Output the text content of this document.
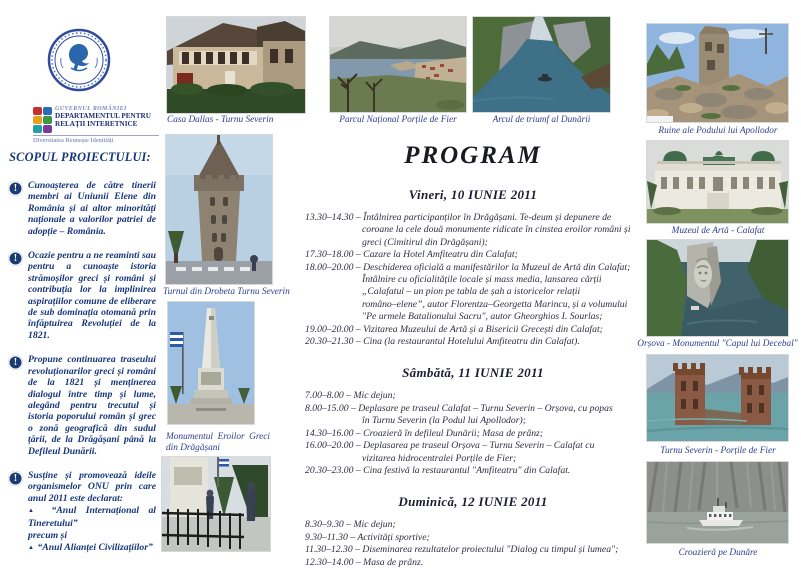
GUVERNUL ROMÂNIEI
DEPARTAMENTUL PENTRU
RELAȚII INTERETNICE
Diversitatea Reunește Identități
SCOPUL PROIECTULUI:
!	Cunoașterea de către tinerii membri ai Uniunii Elene din România și ai altor minorități naționale a valorilor patriei de adopție – România.
!	Ocazie pentru a ne reaminti sau pentru a cunoaște istoria strămoșilor greci și români și contribuția lor la implinirea aspirațiilor comune de eliberare de sub dominația otomană prin înfăptuirea Revoluției de la 1821.
!	Propune continuarea traseului revoluționarilor greci și români de la 1821 și menținerea dialogul între timp și lume, alegând pentru trecutul și istoria poporului român și grec o zonă geografică din sudul țării, de la Drăgășani până la Defileul Dunării.
!	Susține și promovează ideile organismelor ONU prin care anul 2011 este declarat:
▲ “Anul Internațional al Tineretului”
precum și
▲ “Anul Alianței Civilizațiilor”
Casa Dallas - Turnu Severin
Turnul din Drobeta Turnu Severin
Monumentul Eroilor Greci din Drăgășani
Parcul Național Porțile de Fier	Arcul de triumf al Dunării
PROGRAM
Vineri, 10 IUNIE 2011
13.30–14.30 – Întâlnirea participanților în Drăgășani. Te-deum și depunere de
coroane la cele două monumente ridicate în cinstea eroilor români și
greci (Cimitirul din Drăgășani);
17.30–18.00 – Cazare la Hotel Amfiteatru din Calafat;
18.00–20.00 – Deschiderea oficială a manifestărilor la Muzeul de Artă din Calafat;
Întâlnire cu oficialitățile locale și mass media, lansarea cărții
„Calafatul – un pion pe tabla de șah a istoricelor relații
româno–elene”, autor Florentza–Georgetta Marincu, și a volumului
"Pe urmele Batalionului Sacru", autor Gheorghios I. Sourlas;
19.00–20.00 – Vizitarea Muzeului de Artă și a Bisericii Grecești din Calafat;
20.30–21.30 – Cina (la restaurantul Hotelului Amfiteatru din Calafat).
Sâmbătă, 11 IUNIE 2011
7.00–8.00 – Mic dejun;
8.00–15.00 – Deplasare pe traseul Calafat – Turnu Severin – Orșova, cu popas
în Turnu Severin (la Podul lui Apollodor);
14.30–16.00 – Croazieră în defileul Dunării; Masa de prânz;
16.00–20.00 – Deplasarea pe traseul Orșova – Turnu Severin – Calafat cu
vizitarea hidrocentralei Porțile de Fier;
20.30–23.00 – Cina festivă la restaurantul "Amfiteatru" din Calafat.
Duminică, 12 IUNIE 2011
8.30–9.30 – Mic dejun;
9.30–11.30 – Activități sportive;
11.30–12.30 – Diseminarea rezultatelor proiectului "Dialog cu timpul și lumea";
12.30–14.00 – Masa de prânz.
Ruine ale Podului lui Apollodor
Muzeul de Artă - Calafat
Orșova - Monumentul "Capul lui Decebal"
Turnu Severin - Porțile de Fier
Croazieră pe Dunăre
